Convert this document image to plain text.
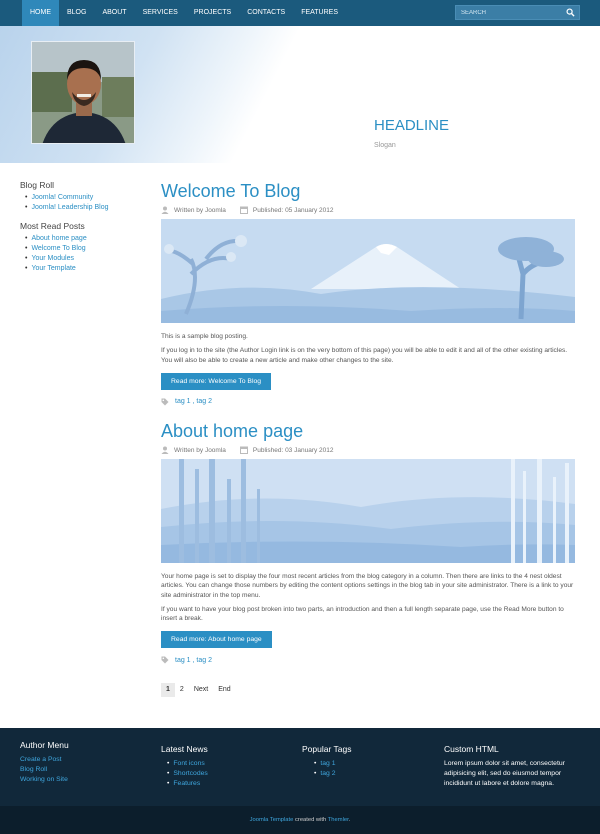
HOME	BLOG	ABOUT	SERVICES	PROJECTS	CONTACTS	FEATURES
SEARCH
HEADLINE
Slogan
Blog Roll
• Joomla! Community
• Joomla! Leadership Blog
Most Read Posts
• About home page
• Welcome To Blog
• Your Modules
• Your Template
Welcome To Blog
Written by Joomla	Published: 05 January 2012

This is a sample blog posting.

If you log in to the site (the Author Login link is on the very bottom of this page) you will be able to edit it and all of the other existing articles. You will also be able to create a new article and make other changes to the site.

Read more: Welcome To Blog
tag 1 , tag 2
About home page
Written by Joomla	Published: 03 January 2012

Your home page is set to display the four most recent articles from the blog category in a column. Then there are links to the 4 nest oldest articles. You can change those numbers by editing the content options settings in the blog tab in your site administrator. There is a link to your site administrator in the top menu.

If you want to have your blog post broken into two parts, an introduction and then a full length separate page, use the Read More button to insert a break.

Read more: About home page
tag 1 , tag 2
1	2	Next	End
Author Menu
Create a Post
Blog Roll
Working on Site
Latest News
• Font icons
• Shortcodes
• Features
Popular Tags
• tag 1
• tag 2
Custom HTML
Lorem ipsum dolor sit amet, consectetur adipisicing elit, sed do eiusmod tempor incididunt ut labore et dolore magna.
Joomla Template created with Themler.
